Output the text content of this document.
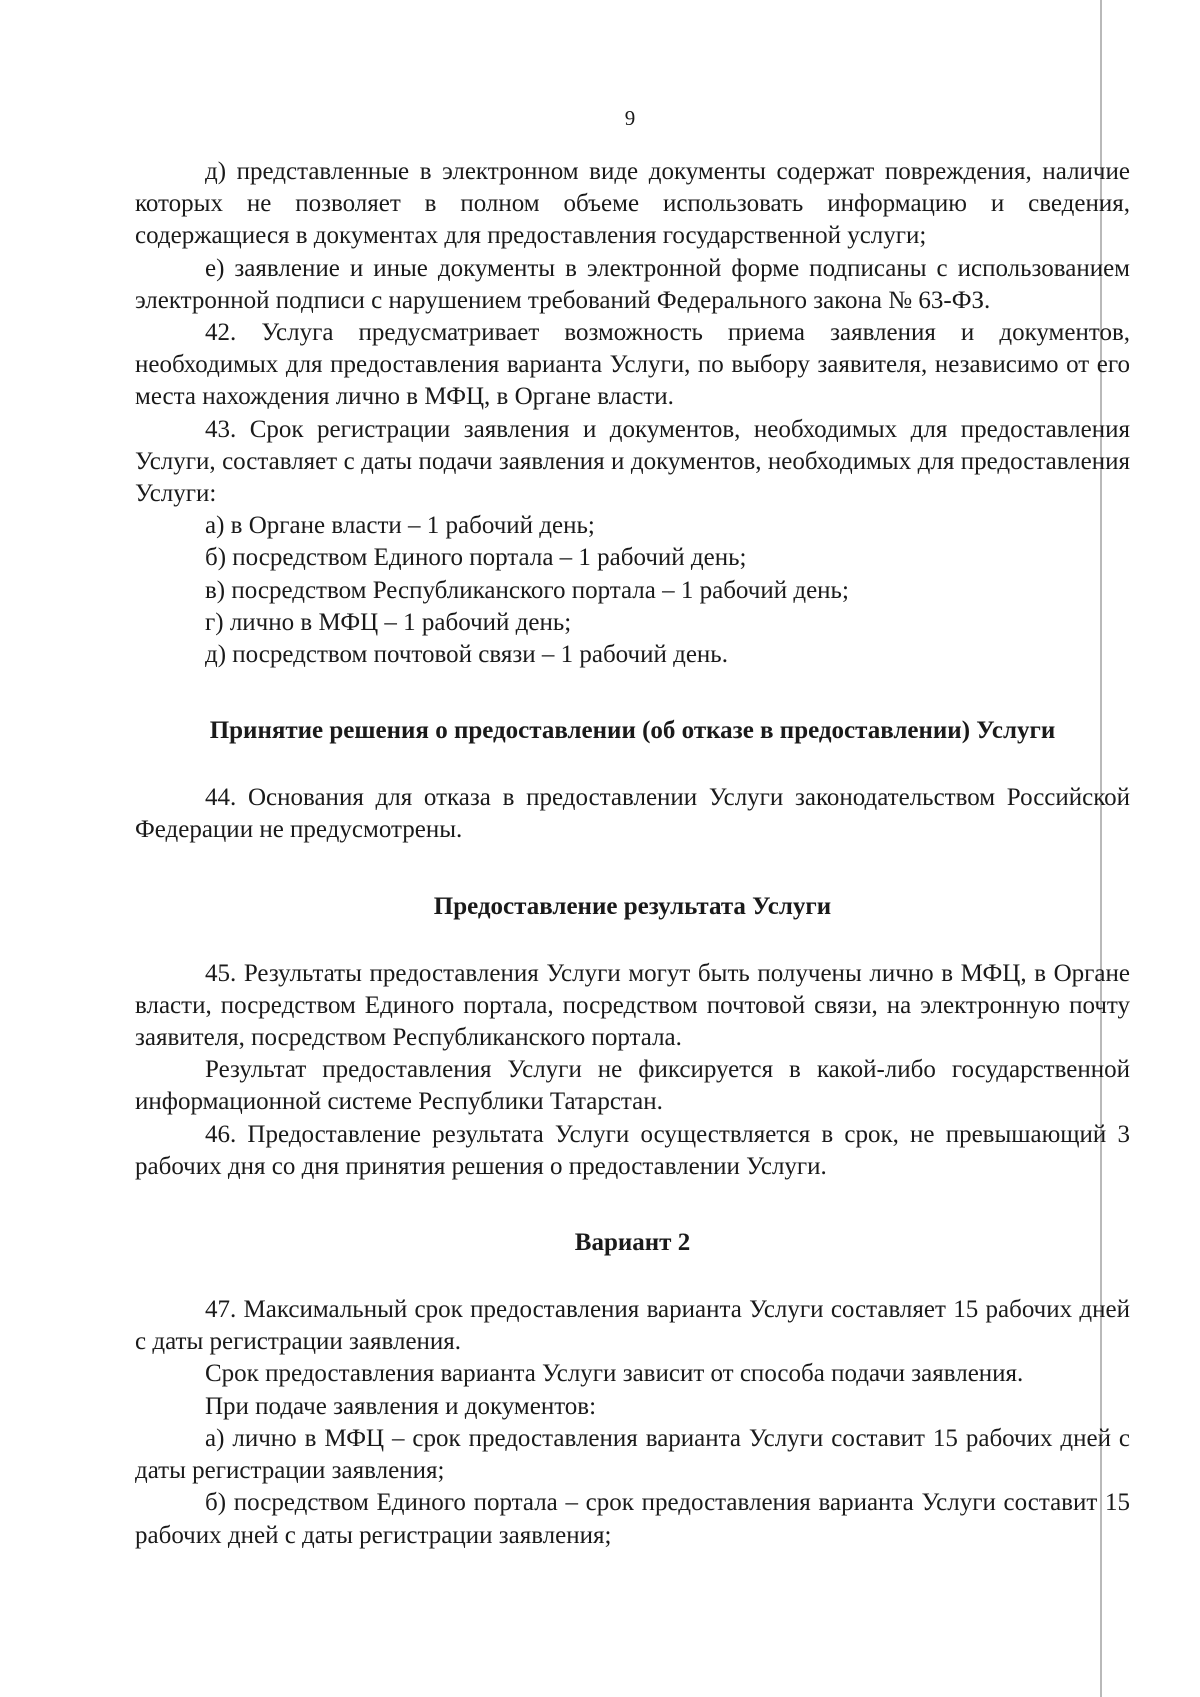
9

д) представленные в электронном виде документы содержат повреждения, наличие которых не позволяет в полном объеме использовать информацию и сведения, содержащиеся в документах для предоставления государственной услуги;

е) заявление и иные документы в электронной форме подписаны с использованием электронной подписи с нарушением требований Федерального закона № 63-ФЗ.

42. Услуга предусматривает возможность приема заявления и документов, необходимых для предоставления варианта Услуги, по выбору заявителя, независимо от его места нахождения лично в МФЦ, в Органе власти.

43. Срок регистрации заявления и документов, необходимых для предоставления Услуги, составляет с даты подачи заявления и документов, необходимых для предоставления Услуги:

а) в Органе власти – 1 рабочий день;

б) посредством Единого портала – 1 рабочий день;

в) посредством Республиканского портала – 1 рабочий день;

г) лично в МФЦ – 1 рабочий день;

д) посредством почтовой связи – 1 рабочий день.

Принятие решения о предоставлении (об отказе в предоставлении) Услуги

44. Основания для отказа в предоставлении Услуги законодательством Российской Федерации не предусмотрены.

Предоставление результата Услуги

45. Результаты предоставления Услуги могут быть получены лично в МФЦ, в Органе власти, посредством Единого портала, посредством почтовой связи, на электронную почту заявителя, посредством Республиканского портала.

Результат предоставления Услуги не фиксируется в какой-либо государственной информационной системе Республики Татарстан.

46. Предоставление результата Услуги осуществляется в срок, не превышающий 3 рабочих дня со дня принятия решения о предоставлении Услуги.

Вариант 2

47. Максимальный срок предоставления варианта Услуги составляет 15 рабочих дней с даты регистрации заявления.

Срок предоставления варианта Услуги зависит от способа подачи заявления.

При подаче заявления и документов:

а) лично в МФЦ – срок предоставления варианта Услуги составит 15 рабочих дней с даты регистрации заявления;

б) посредством Единого портала – срок предоставления варианта Услуги составит 15 рабочих дней с даты регистрации заявления;
